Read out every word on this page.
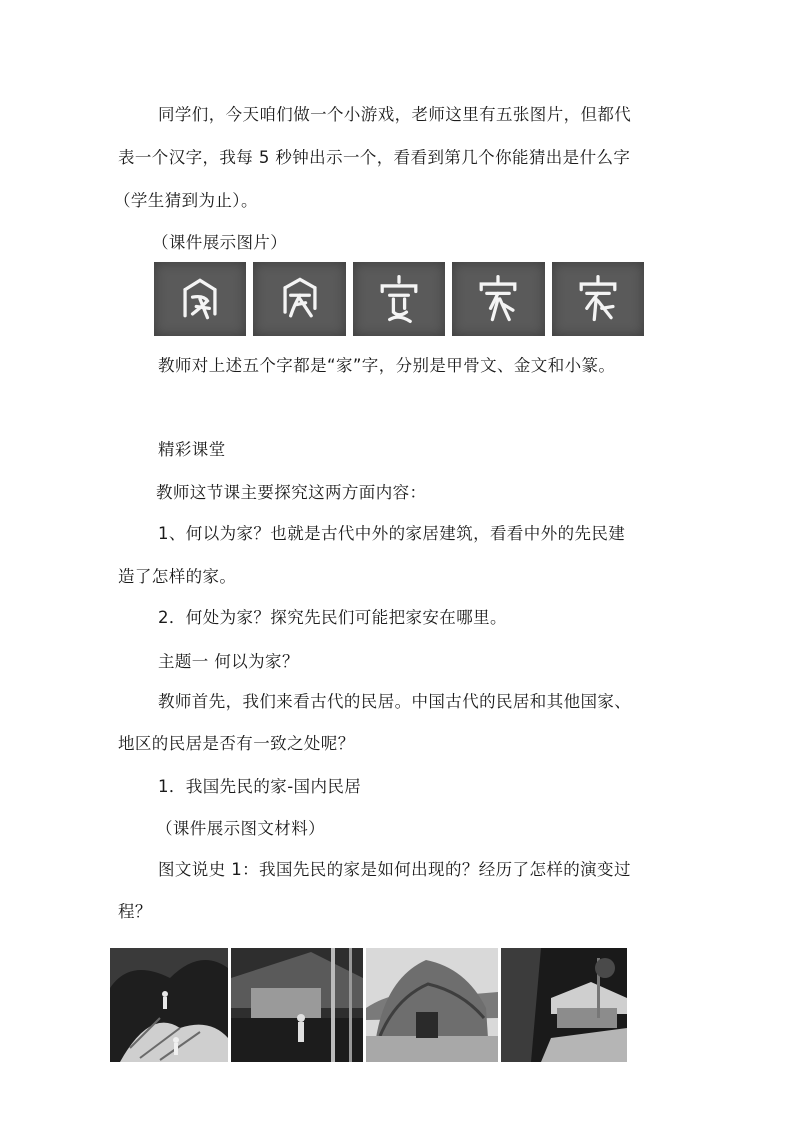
同学们，今天咱们做一个小游戏，老师这里有五张图片，但都代
表一个汉字，我每 5 秒钟出示一个，看看到第几个你能猜出是什么字
（学生猜到为止）。
（课件展示图片）
教师对上述五个字都是“家”字，分别是甲骨文、金文和小篆。
精彩课堂
教师这节课主要探究这两方面内容：
1、何以为家？也就是古代中外的家居建筑，看看中外的先民建
造了怎样的家。
2．何处为家？探究先民们可能把家安在哪里。
主题一 何以为家？
教师首先，我们来看古代的民居。中国古代的民居和其他国家、
地区的民居是否有一致之处呢？
1．我国先民的家-国内民居
（课件展示图文材料）
图文说史 1：我国先民的家是如何出现的？经历了怎样的演变过
程？
